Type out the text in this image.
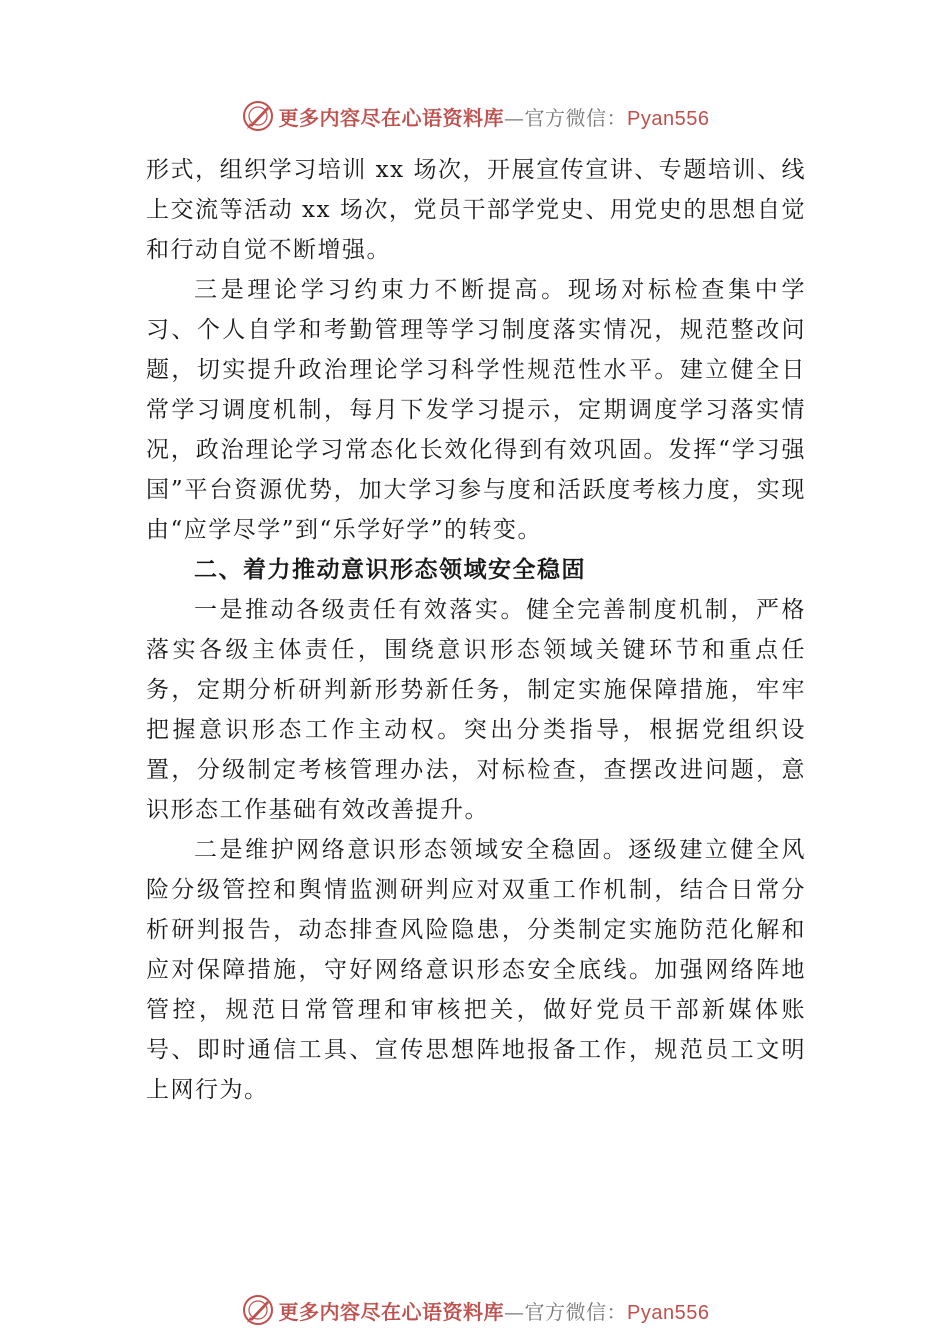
更多内容尽在心语资料库—官方微信：Pyan556

形式，组织学习培训 xx 场次，开展宣传宣讲、专题培训、线上交流等活动 xx 场次，党员干部学党史、用党史的思想自觉和行动自觉不断增强。

三是理论学习约束力不断提高。现场对标检查集中学习、个人自学和考勤管理等学习制度落实情况，规范整改问题，切实提升政治理论学习科学性规范性水平。建立健全日常学习调度机制，每月下发学习提示，定期调度学习落实情况，政治理论学习常态化长效化得到有效巩固。发挥“学习强国”平台资源优势，加大学习参与度和活跃度考核力度，实现由“应学尽学”到“乐学好学”的转变。

二、着力推动意识形态领域安全稳固

一是推动各级责任有效落实。健全完善制度机制，严格落实各级主体责任，围绕意识形态领域关键环节和重点任务，定期分析研判新形势新任务，制定实施保障措施，牢牢把握意识形态工作主动权。突出分类指导，根据党组织设置，分级制定考核管理办法，对标检查，查摆改进问题，意识形态工作基础有效改善提升。

二是维护网络意识形态领域安全稳固。逐级建立健全风险分级管控和舆情监测研判应对双重工作机制，结合日常分析研判报告，动态排查风险隐患，分类制定实施防范化解和应对保障措施，守好网络意识形态安全底线。加强网络阵地管控，规范日常管理和审核把关，做好党员干部新媒体账号、即时通信工具、宣传思想阵地报备工作，规范员工文明上网行为。

更多内容尽在心语资料库—官方微信：Pyan556
